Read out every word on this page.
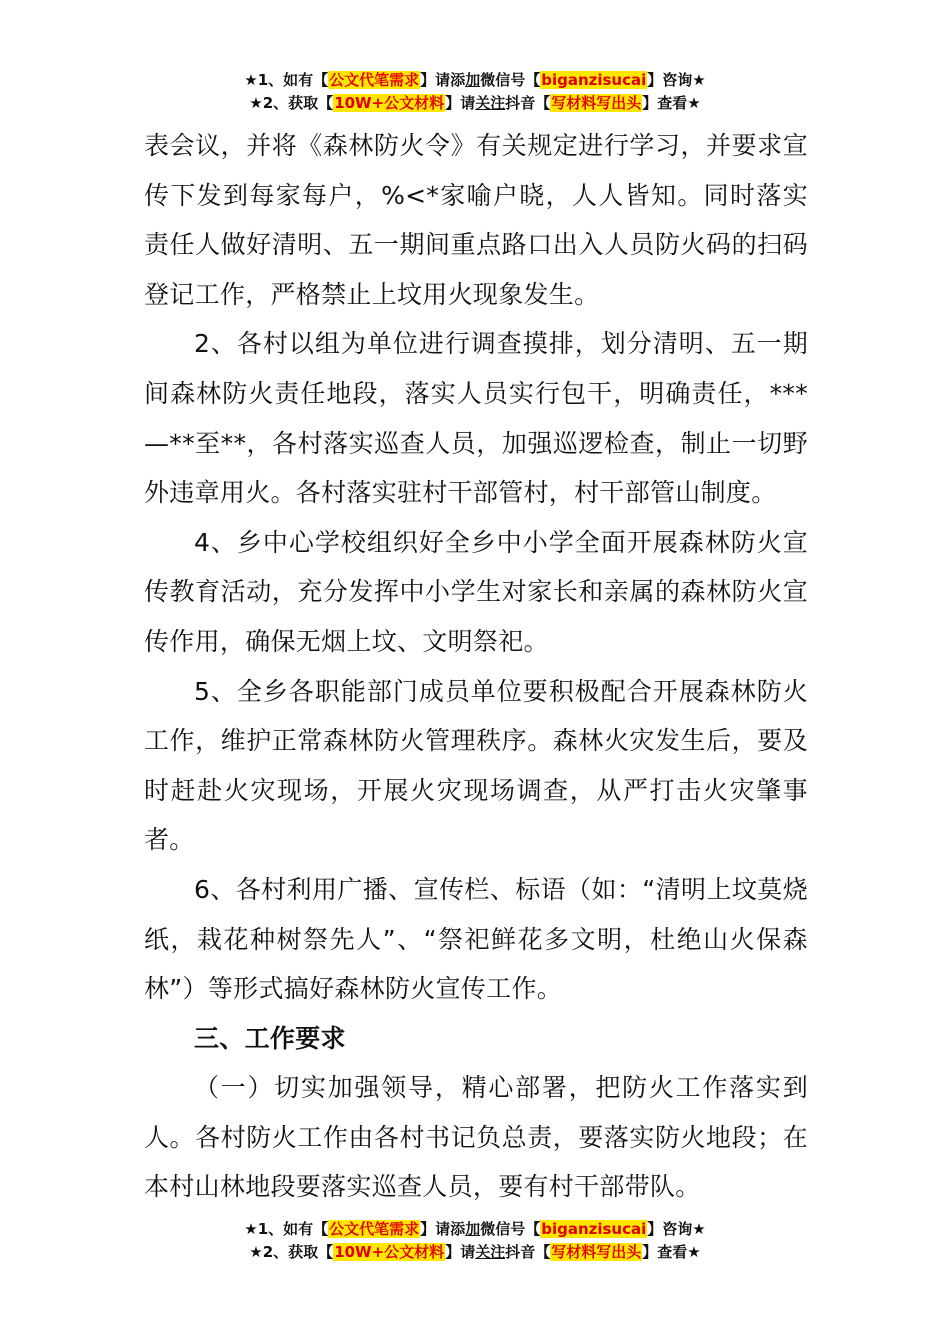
★1、如有【公文代笔需求】请添加微信号【biganzisucai】咨询★
★2、获取【10W+公文材料】请关注抖音【写材料写出头】查看★

表会议，并将《森林防火令》有关规定进行学习，并要求宣传下发到每家每户，%<*家喻户晓，人人皆知。同时落实责任人做好清明、五一期间重点路口出入人员防火码的扫码登记工作，严格禁止上坟用火现象发生。

2、各村以组为单位进行调查摸排，划分清明、五一期间森林防火责任地段，落实人员实行包干，明确责任，***—**至**，各村落实巡查人员，加强巡逻检查，制止一切野外违章用火。各村落实驻村干部管村，村干部管山制度。

4、乡中心学校组织好全乡中小学全面开展森林防火宣传教育活动，充分发挥中小学生对家长和亲属的森林防火宣传作用，确保无烟上坟、文明祭祀。

5、全乡各职能部门成员单位要积极配合开展森林防火工作，维护正常森林防火管理秩序。森林火灾发生后，要及时赶赴火灾现场，开展火灾现场调查，从严打击火灾肇事者。

6、各村利用广播、宣传栏、标语（如：“清明上坟莫烧纸，栽花种树祭先人”、“祭祀鲜花多文明，杜绝山火保森林”）等形式搞好森林防火宣传工作。

三、工作要求

（一）切实加强领导，精心部署，把防火工作落实到人。各村防火工作由各村书记负总责，要落实防火地段；在本村山林地段要落实巡查人员，要有村干部带队。

★1、如有【公文代笔需求】请添加微信号【biganzisucai】咨询★
★2、获取【10W+公文材料】请关注抖音【写材料写出头】查看★
